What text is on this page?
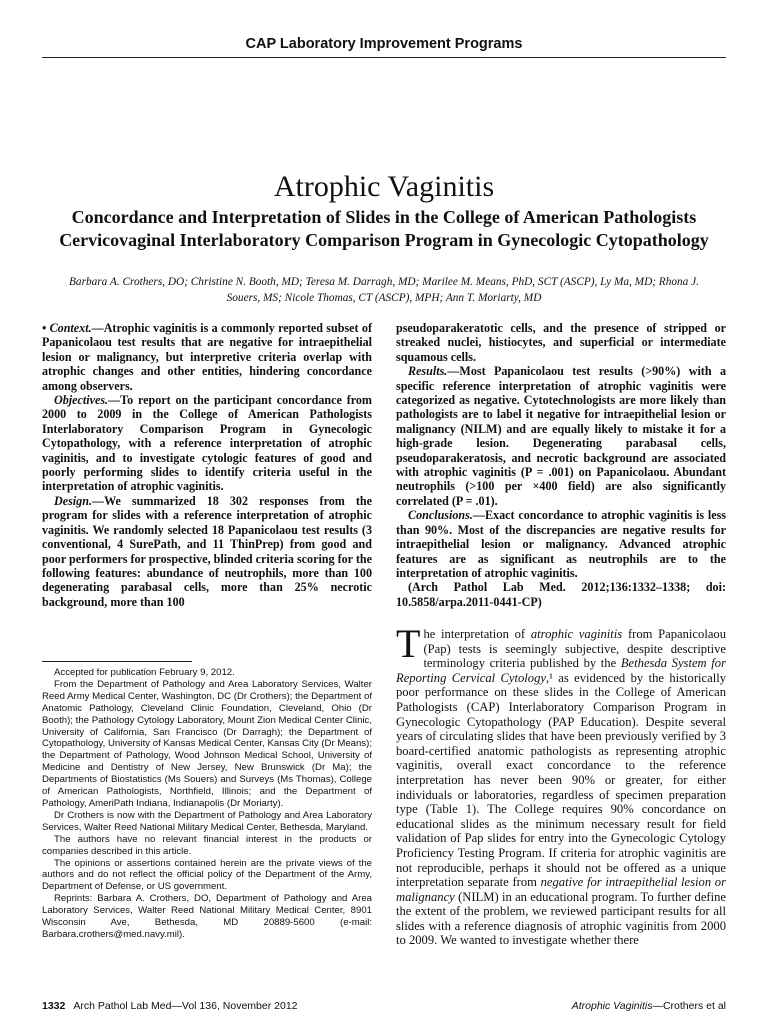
CAP Laboratory Improvement Programs
Atrophic Vaginitis
Concordance and Interpretation of Slides in the College of American Pathologists Cervicovaginal Interlaboratory Comparison Program in Gynecologic Cytopathology
Barbara A. Crothers, DO; Christine N. Booth, MD; Teresa M. Darragh, MD; Marilee M. Means, PhD, SCT (ASCP), Ly Ma, MD; Rhona J. Souers, MS; Nicole Thomas, CT (ASCP), MPH; Ann T. Moriarty, MD

• Context.—Atrophic vaginitis is a commonly reported subset of Papanicolaou test results that are negative for intraepithelial lesion or malignancy, but interpretive criteria overlap with atrophic changes and other entities, hindering concordance among observers.

Objectives.—To report on the participant concordance from 2000 to 2009 in the College of American Pathologists Interlaboratory Comparison Program in Gynecologic Cytopathology, with a reference interpretation of atrophic vaginitis, and to investigate cytologic features of good and poorly performing slides to identify criteria useful in the interpretation of atrophic vaginitis.

Design.—We summarized 18 302 responses from the program for slides with a reference interpretation of atrophic vaginitis. We randomly selected 18 Papanicolaou test results (3 conventional, 4 SurePath, and 11 ThinPrep) from good and poor performers for prospective, blinded criteria scoring for the following features: abundance of neutrophils, more than 100 degenerating parabasal cells, more than 25% necrotic background, more than 100

pseudoparakeratotic cells, and the presence of stripped or streaked nuclei, histiocytes, and superficial or intermediate squamous cells.

Results.—Most Papanicolaou test results (>90%) with a specific reference interpretation of atrophic vaginitis were categorized as negative. Cytotechnologists are more likely than pathologists are to label it negative for intraepithelial lesion or malignancy (NILM) and are equally likely to mistake it for a high-grade lesion. Degenerating parabasal cells, pseudoparakeratosis, and necrotic background are associated with atrophic vaginitis (P = .001) on Papanicolaou. Abundant neutrophils (>100 per ×400 field) are also significantly correlated (P = .01).

Conclusions.—Exact concordance to atrophic vaginitis is less than 90%. Most of the discrepancies are negative results for intraepithelial lesion or malignancy. Advanced atrophic features are as significant as neutrophils are to the interpretation of atrophic vaginitis.

(Arch Pathol Lab Med. 2012;136:1332–1338; doi: 10.5858/arpa.2011-0441-CP)

Accepted for publication February 9, 2012.

From the Department of Pathology and Area Laboratory Services, Walter Reed Army Medical Center, Washington, DC (Dr Crothers); the Department of Anatomic Pathology, Cleveland Clinic Foundation, Cleveland, Ohio (Dr Booth); the Pathology Cytology Laboratory, Mount Zion Medical Center Clinic, University of California, San Francisco (Dr Darragh); the Department of Cytopathology, University of Kansas Medical Center, Kansas City (Dr Means); the Department of Pathology, Wood Johnson Medical School, University of Medicine and Dentistry of New Jersey, New Brunswick (Dr Ma); the Departments of Biostatistics (Ms Souers) and Surveys (Ms Thomas), College of American Pathologists, Northfield, Illinois; and the Department of Pathology, AmeriPath Indiana, Indianapolis (Dr Moriarty).

Dr Crothers is now with the Department of Pathology and Area Laboratory Services, Walter Reed National Military Medical Center, Bethesda, Maryland.

The authors have no relevant financial interest in the products or companies described in this article.

The opinions or assertions contained herein are the private views of the authors and do not reflect the official policy of the Department of the Army, Department of Defense, or US government.

Reprints: Barbara A. Crothers, DO, Department of Pathology and Area Laboratory Services, Walter Reed National Military Medical Center, 8901 Wisconsin Ave, Bethesda, MD 20889-5600 (e-mail: Barbara.crothers@med.navy.mil).

The interpretation of atrophic vaginitis from Papanicolaou (Pap) tests is seemingly subjective, despite descriptive terminology criteria published by the Bethesda System for Reporting Cervical Cytology,¹ as evidenced by the historically poor performance on these slides in the College of American Pathologists (CAP) Interlaboratory Comparison Program in Gynecologic Cytopathology (PAP Education). Despite several years of circulating slides that have been previously verified by 3 board-certified anatomic pathologists as representing atrophic vaginitis, overall exact concordance to the reference interpretation has never been 90% or greater, for either individuals or laboratories, regardless of specimen preparation type (Table 1). The College requires 90% concordance on educational slides as the minimum necessary result for field validation of Pap slides for entry into the Gynecologic Cytology Proficiency Testing Program. If criteria for atrophic vaginitis are not reproducible, perhaps it should not be offered as a unique interpretation separate from negative for intraepithelial lesion or malignancy (NILM) in an educational program. To further define the extent of the problem, we reviewed participant results for all slides with a reference diagnosis of atrophic vaginitis from 2000 to 2009. We wanted to investigate whether there
1332 Arch Pathol Lab Med—Vol 136, November 2012	Atrophic Vaginitis—Crothers et al
